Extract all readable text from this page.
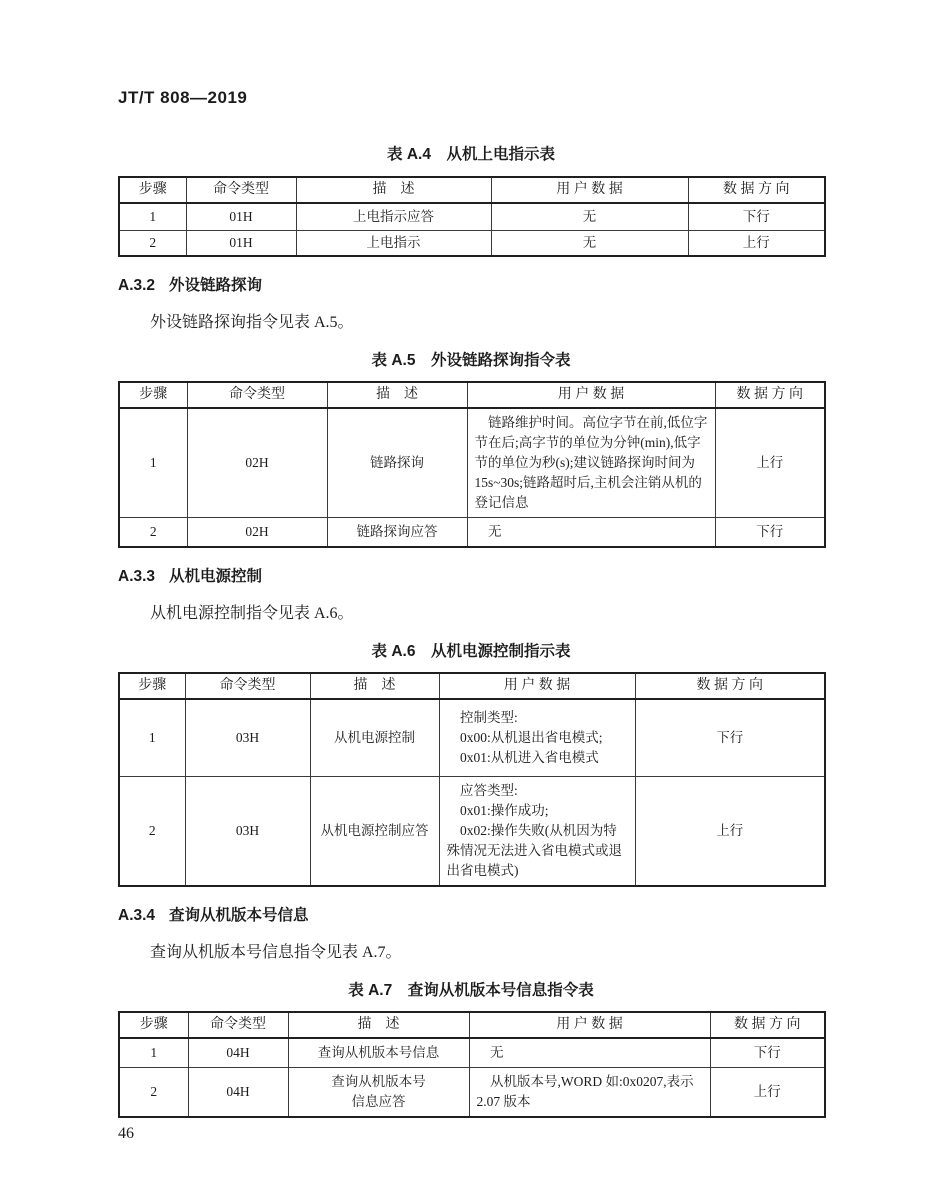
JT/T 808—2019
表 A.4 从机上电指示表
步骤	命令类型	描　述	用 户 数 据	数 据 方 向
1	01H	上电指示应答	无	下行
2	01H	上电指示	无	上行
A.3.2 外设链路探询

外设链路探询指令见表 A.5。

表 A.5 外设链路探询指令表
步骤	命令类型	描　述	用 户 数 据	数 据 方 向
1	02H	链路探询	链路维护时间。高位字节在前,低位字节在后;高字节的单位为分钟(min),低字节的单位为秒(s);建议链路探询时间为15s~30s;链路超时后,主机会注销从机的登记信息	上行
2	02H	链路探询应答	无	下行
A.3.3 从机电源控制

从机电源控制指令见表 A.6。

表 A.6 从机电源控制指示表
步骤	命令类型	描　述	用 户 数 据	数 据 方 向
1	03H	从机电源控制	控制类型:
0x00:从机退出省电模式;
0x01:从机进入省电模式	下行
2	03H	从机电源控制应答	应答类型:
0x01:操作成功;
0x02:操作失败(从机因为特殊情况无法进入省电模式或退出省电模式)	上行
A.3.4 查询从机版本号信息

查询从机版本号信息指令见表 A.7。

表 A.7 查询从机版本号信息指令表
步骤	命令类型	描　述	用 户 数 据	数 据 方 向
1	04H	查询从机版本号信息	无	下行
2	04H	查询从机版本号
信息应答	从机版本号,WORD 如:0x0207,表示 2.07 版本	上行
46
